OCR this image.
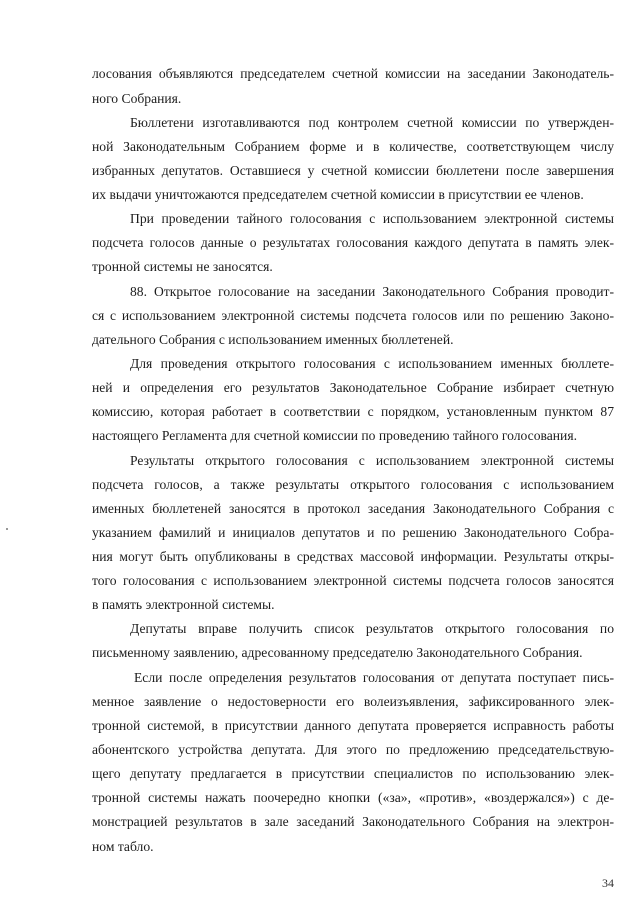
лосования объявляются председателем счетной комиссии на заседании Законодатель-
ного Собрания.
Бюллетени изготавливаются под контролем счетной комиссии по утвержден-
ной Законодательным Собранием форме и в количестве, соответствующем числу
избранных депутатов. Оставшиеся у счетной комиссии бюллетени после завершения
их выдачи уничтожаются председателем счетной комиссии в присутствии ее членов.
При проведении тайного голосования с использованием электронной системы
подсчета голосов данные о результатах голосования каждого депутата в память элек-
тронной системы не заносятся.
88. Открытое голосование на заседании Законодательного Собрания проводит-
ся с использованием электронной системы подсчета голосов или по решению Законо-
дательного Собрания с использованием именных бюллетеней.
Для проведения открытого голосования с использованием именных бюллете-
ней и определения его результатов Законодательное Собрание избирает счетную
комиссию, которая работает в соответствии с порядком, установленным пунктом 87
настоящего Регламента для счетной комиссии по проведению тайного голосования.
Результаты открытого голосования с использованием электронной системы
подсчета голосов, а также результаты открытого голосования с использованием
именных бюллетеней заносятся в протокол заседания Законодательного Собрания с
указанием фамилий и инициалов депутатов и по решению Законодательного Собра-
ния могут быть опубликованы в средствах массовой информации. Результаты откры-
того голосования с использованием электронной системы подсчета голосов заносятся
в память электронной системы.
Депутаты вправе получить список результатов открытого голосования по
письменному заявлению, адресованному председателю Законодательного Собрания.
Если после определения результатов голосования от депутата поступает пись-
менное заявление о недостоверности его волеизъявления, зафиксированного элек-
тронной системой, в присутствии данного депутата проверяется исправность работы
абонентского устройства депутата. Для этого по предложению председательствую-
щего депутату предлагается в присутствии специалистов по использованию элек-
тронной системы нажать поочередно кнопки («за», «против», «воздержался») с де-
монстрацией результатов в зале заседаний Законодательного Собрания на электрон-
ном табло.
34
